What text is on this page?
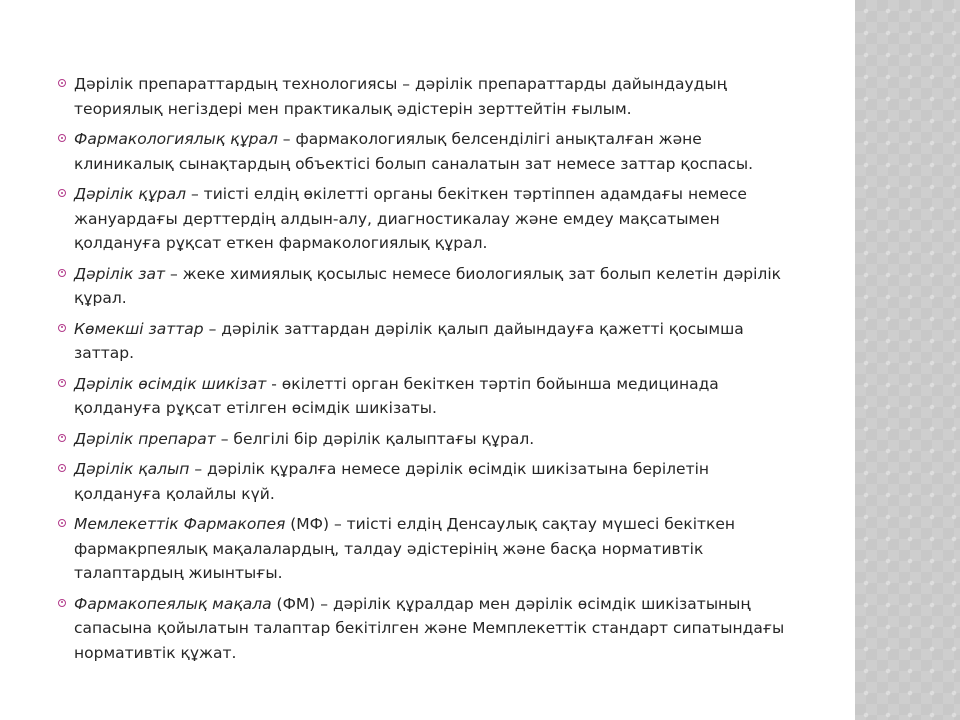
Дәрілік препараттардың технологиясы – дәрілік препараттарды дайындаудың теориялық негіздері мен практикалық әдістерін зерттейтін ғылым.
Фармакологиялық құрал – фармакологиялық белсенділігі анықталған және клиникалық сынақтардың объектісі болып саналатын зат немесе заттар қоспасы.
Дәрілік құрал – тиісті елдің өкілетті органы бекіткен тәртіппен адамдағы немесе жануардағы дерттердің алдын-алу, диагностикалау және емдеу мақсатымен қолдануға рұқсат еткен фармакологиялық құрал.
Дәрілік зат – жеке химиялық қосылыс немесе биологиялық зат болып келетін дәрілік құрал.
Көмекші заттар – дәрілік заттардан дәрілік қалып дайындауға қажетті қосымша заттар.
Дәрілік өсімдік шикізат - өкілетті орган бекіткен тәртіп бойынша медицинада қолдануға рұқсат етілген өсімдік шикізаты.
Дәрілік препарат – белгілі бір дәрілік қалыптағы құрал.
Дәрілік қалып – дәрілік құралға немесе дәрілік өсімдік шикізатына берілетін қолдануға қолайлы күй.
Мемлекеттік Фармакопея (МФ) – тиісті елдің Денсаулық сақтау мүшесі бекіткен фармакрпеялық мақалалардың, талдау әдістерінің және басқа нормативтік талаптардың жиынтығы.
Фармакопеялық мақала (ФМ) – дәрілік құралдар мен дәрілік өсімдік шикізатының сапасына қойылатын талаптар бекітілген және Мемплекеттік стандарт сипатындағы нормативтік құжат.
